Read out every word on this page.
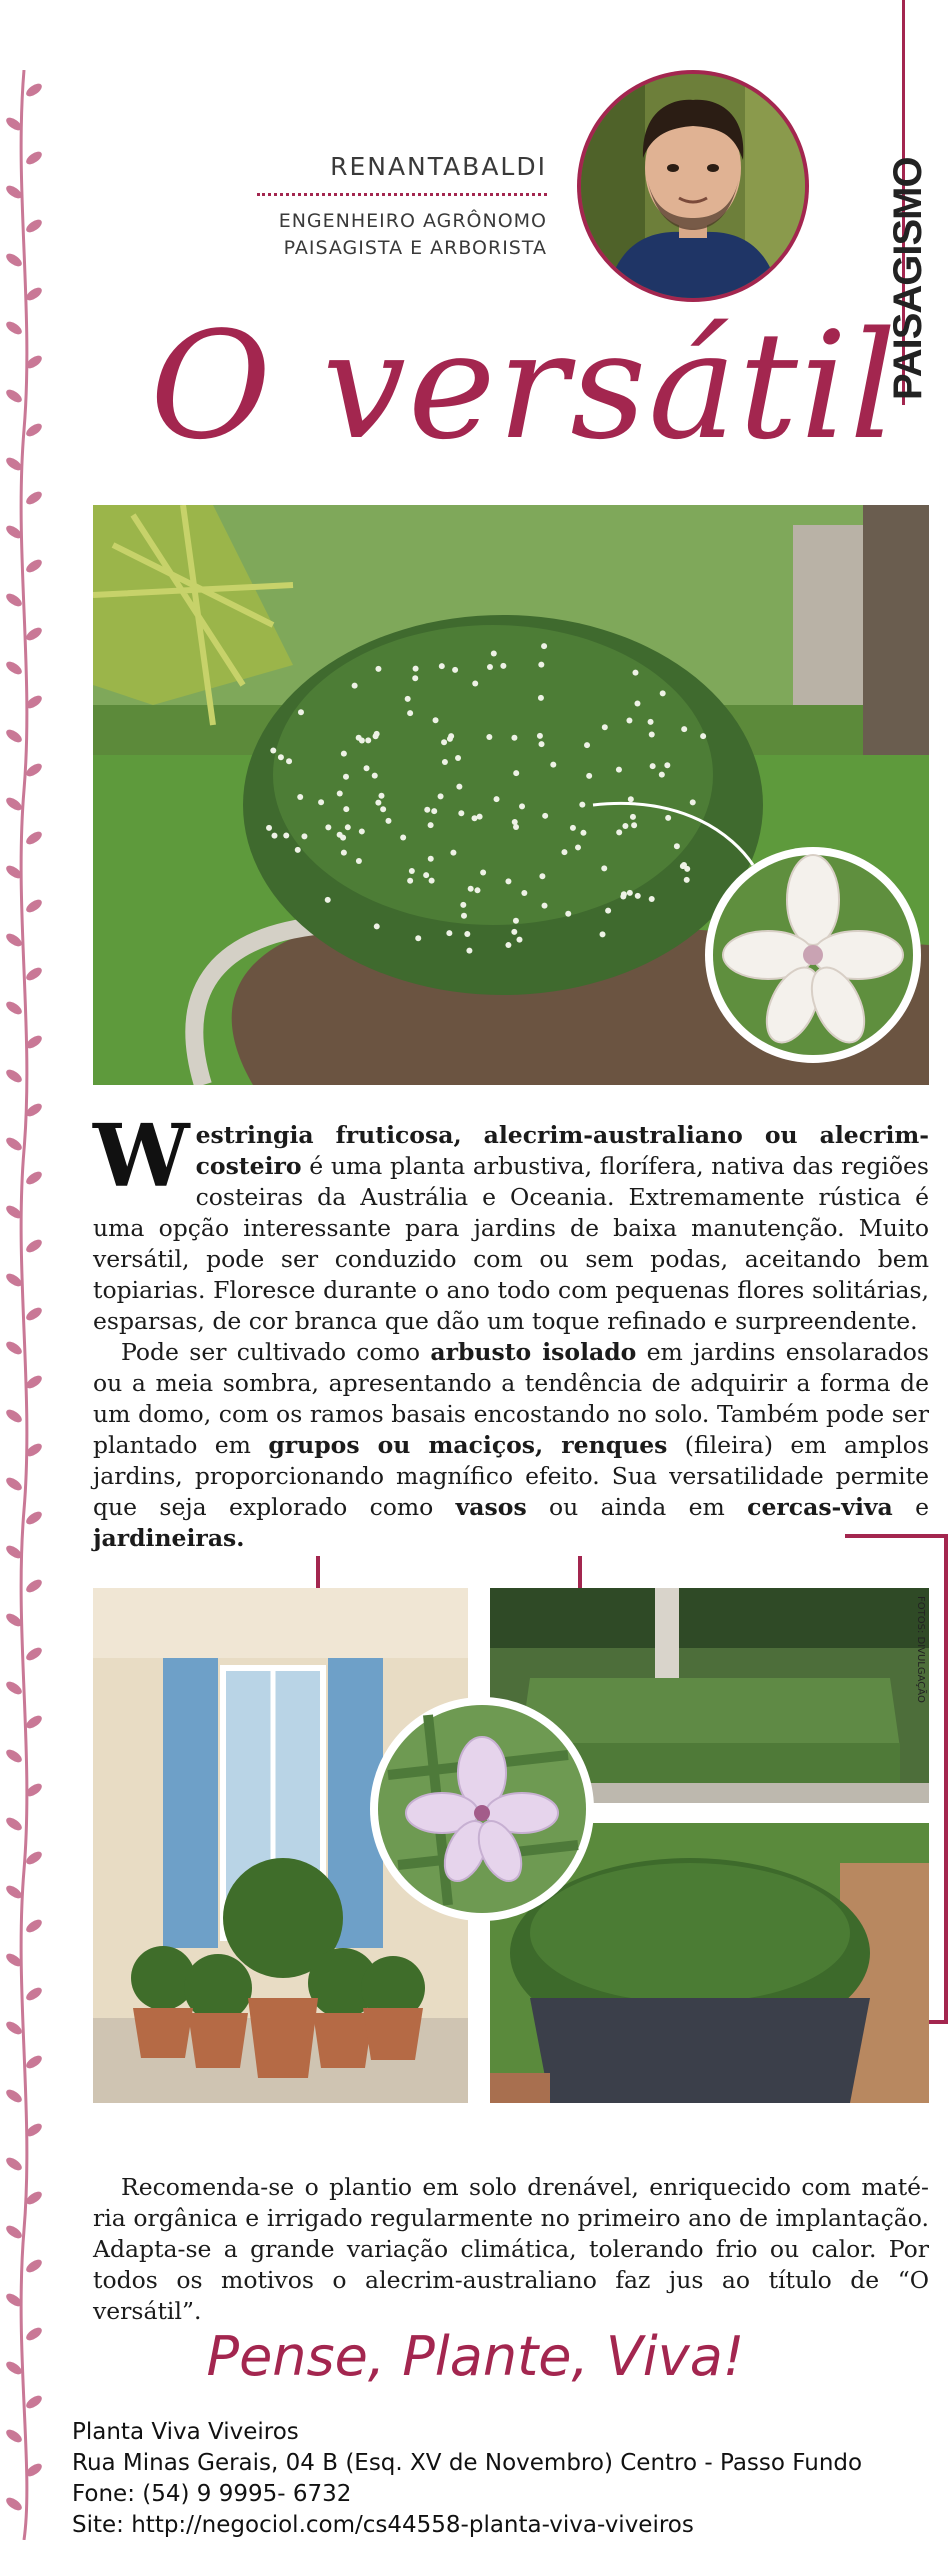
PAISAGISMO
RENANTABALDI
ENGENHEIRO AGRÔNOMO
PAISAGISTA E ARBORISTA
O versátil

Westringia fruticosa, alecrim-australiano ou alecrim-costeiro é uma planta arbustiva, florífera, nativa das regiões costeiras da Austrália e Oceania. Extremamente rústica é uma opção interessante para jardins de baixa manutenção. Muito versátil, pode ser conduzido com ou sem podas, aceitando bem topiarias. Floresce durante o ano todo com pequenas flores solitárias, esparsas, de cor branca que dão um toque refinado e surpreendente.

Pode ser cultivado como arbusto isolado em jardins ensolarados ou a meia sombra, apresentando a tendência de adquirir a forma de um domo, com os ramos basais encostando no solo. Também pode ser plantado em grupos ou maciços, renques (fileira) em amplos jardins, proporcionando magnífico efeito. Sua versatilidade permite que seja explorado como vasos ou ainda em cercas-viva e jardineiras.

FOTOS: DIVULGAÇÃO

Recomenda-se o plantio em solo drenável, enriquecido com matéria orgânica e irrigado regularmente no primeiro ano de implantação. Adapta-se a grande variação climática, tolerando frio ou calor. Por todos os motivos o alecrim-australiano faz jus ao título de “O versátil”.

Pense, Plante, Viva!
Planta Viva Viveiros
Rua Minas Gerais, 04 B (Esq. XV de Novembro) Centro - Passo Fundo
Fone: (54) 9 9995- 6732
Site: http://negociol.com/cs44558-planta-viva-viveiros
